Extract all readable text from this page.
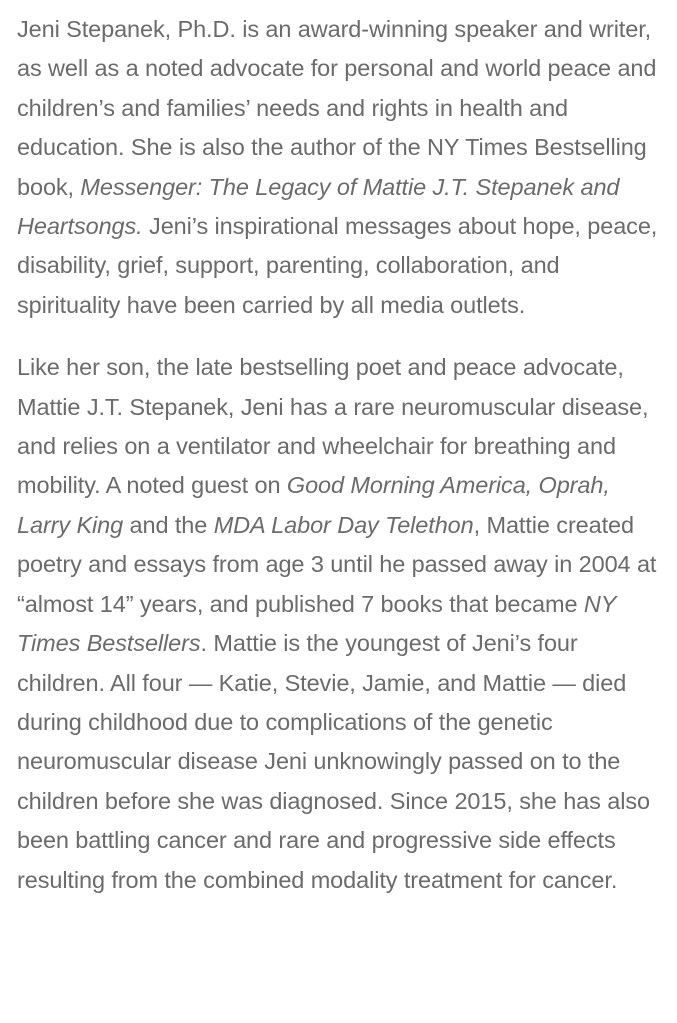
Jeni Stepanek, Ph.D. is an award-winning speaker and writer, as well as a noted advocate for personal and world peace and children’s and families’ needs and rights in health and education. She is also the author of the NY Times Bestselling book, Messenger: The Legacy of Mattie J.T. Stepanek and Heartsongs. Jeni’s inspirational messages about hope, peace, disability, grief, support, parenting, collaboration, and spirituality have been carried by all media outlets.

Like her son, the late bestselling poet and peace advocate, Mattie J.T. Stepanek, Jeni has a rare neuromuscular disease, and relies on a ventilator and wheelchair for breathing and mobility. A noted guest on Good Morning America, Oprah, Larry King and the MDA Labor Day Telethon, Mattie created poetry and essays from age 3 until he passed away in 2004 at “almost 14” years, and published 7 books that became NY Times Bestsellers. Mattie is the youngest of Jeni’s four children. All four — Katie, Stevie, Jamie, and Mattie — died during childhood due to complications of the genetic neuromuscular disease Jeni unknowingly passed on to the children before she was diagnosed. Since 2015, she has also been battling cancer and rare and progressive side effects resulting from the combined modality treatment for cancer.
